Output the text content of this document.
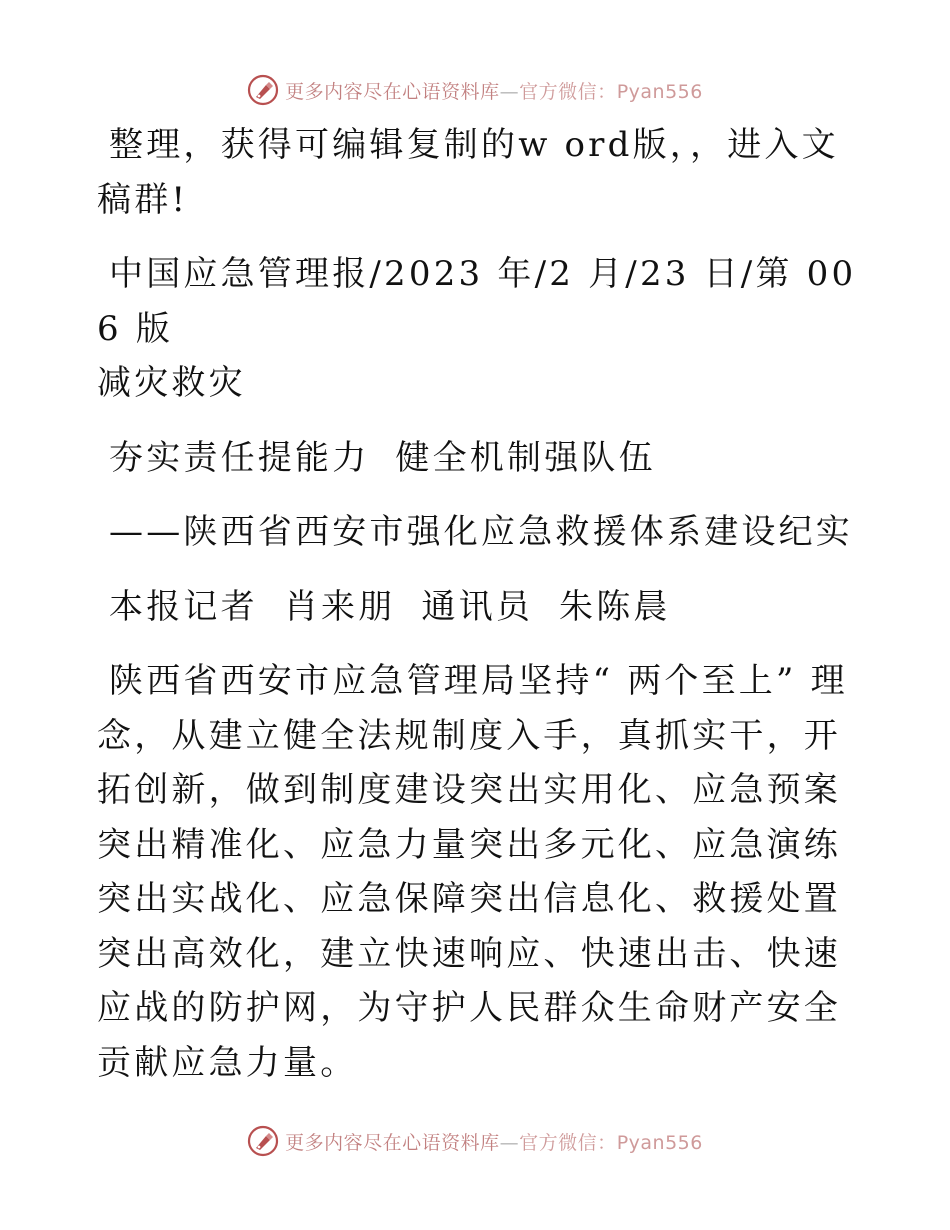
更多内容尽在心语资料库—官方微信：Pyan556

整理，获得可编辑复制的w ord版，，进入文稿群!

中国应急管理报/2023 年/2 月/23 日/第 006 版
减灾救灾

夯实责任提能力 健全机制强队伍

——陕西省西安市强化应急救援体系建设纪实

本报记者 肖来朋 通讯员 朱陈晨

陕西省西安市应急管理局坚持“ 两个至上” 理念，从建立健全法规制度入手，真抓实干，开拓创新，做到制度建设突出实用化、应急预案突出精准化、应急力量突出多元化、应急演练突出实战化、应急保障突出信息化、救援处置突出高效化，建立快速响应、快速出击、快速应战的防护网，为守护人民群众生命财产安全贡献应急力量。

更多内容尽在心语资料库—官方微信：Pyan556
